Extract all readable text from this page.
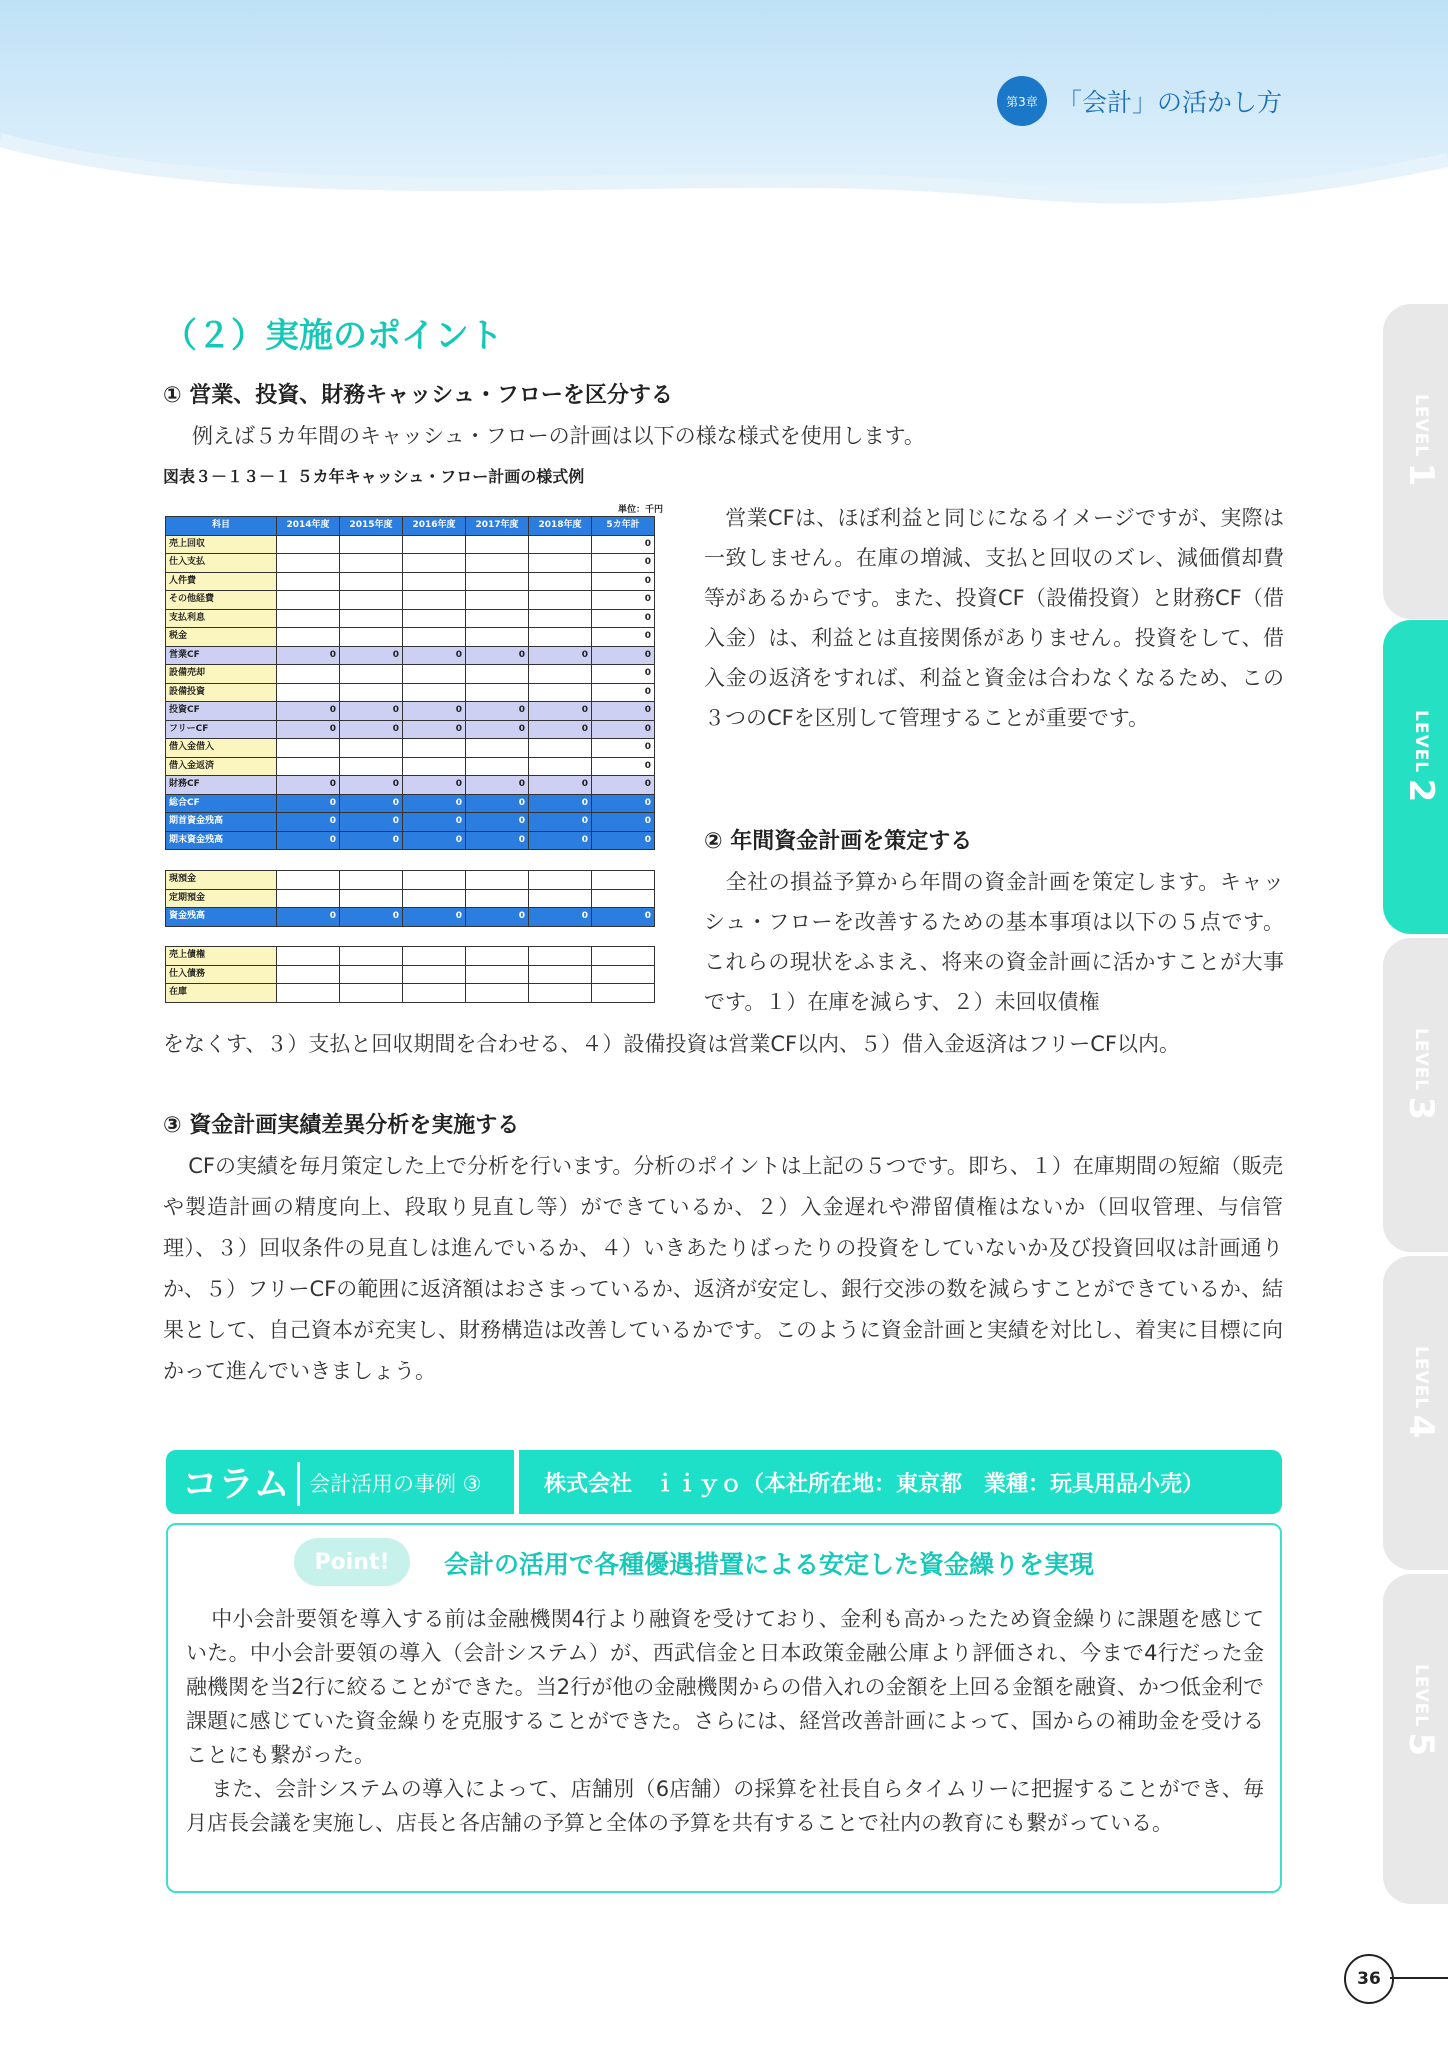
第3章 「会計」の活かし方
（２）実施のポイント
① 営業、投資、財務キャッシュ・フローを区分する
例えば５カ年間のキャッシュ・フローの計画は以下の様な様式を使用します。
図表３－１３－１ ５カ年キャッシュ・フロー計画の様式例
単位：千円
科目	2014年度	2015年度	2016年度	2017年度	2018年度	5カ年計
売上回収						0
仕入支払						0
人件費						0
その他経費						0
支払利息						0
税金						0
営業CF	0	0	0	0	0	0
設備売却						0
設備投資						0
投資CF	0	0	0	0	0	0
フリーCF	0	0	0	0	0	0
借入金借入						0
借入金返済						0
財務CF	0	0	0	0	0	0
総合CF	0	0	0	0	0	0
期首資金残高	0	0	0	0	0	0
期末資金残高	0	0	0	0	0	0
現預金						
定期預金						
資金残高	0	0	0	0	0	0
売上債権						
仕入債務						
在庫						
　営業CFは、ほぼ利益と同じになるイメージですが、実際は一致しません。在庫の増減、支払と回収のズレ、減価償却費等があるからです。また、投資CF（設備投資）と財務CF（借入金）は、利益とは直接関係がありません。投資をして、借入金の返済をすれば、利益と資金は合わなくなるため、この３つのCFを区別して管理することが重要です。
② 年間資金計画を策定する
　全社の損益予算から年間の資金計画を策定します。キャッシュ・フローを改善するための基本事項は以下の５点です。これらの現状をふまえ、将来の資金計画に活かすことが大事です。１）在庫を減らす、２）未回収債権
をなくす、３）支払と回収期間を合わせる、４）設備投資は営業CF以内、５）借入金返済はフリーCF以内。
③ 資金計画実績差異分析を実施する

CFの実績を毎月策定した上で分析を行います。分析のポイントは上記の５つです。即ち、１）在庫期間の短縮（販売や製造計画の精度向上、段取り見直し等）ができているか、２）入金遅れや滞留債権はないか（回収管理、与信管理）、３）回収条件の見直しは進んでいるか、４）いきあたりばったりの投資をしていないか及び投資回収は計画通りか、５）フリーCFの範囲に返済額はおさまっているか、返済が安定し、銀行交渉の数を減らすことができているか、結果として、自己資本が充実し、財務構造は改善しているかです。このように資金計画と実績を対比し、着実に目標に向かって進んでいきましょう。

コラム 会計活用の事例 ③	株式会社　ｉｉｙｏ（本社所在地：東京都　業種：玩具用品小売）
Point!	会計の活用で各種優遇措置による安定した資金繰りを実現

中小会計要領を導入する前は金融機関4行より融資を受けており、金利も高かったため資金繰りに課題を感じていた。中小会計要領の導入（会計システム）が、西武信金と日本政策金融公庫より評価され、今まで4行だった金融機関を当2行に絞ることができた。当2行が他の金融機関からの借入れの金額を上回る金額を融資、かつ低金利で課題に感じていた資金繰りを克服することができた。さらには、経営改善計画によって、国からの補助金を受けることにも繋がった。

また、会計システムの導入によって、店舗別（6店舗）の採算を社長自らタイムリーに把握することができ、毎月店長会議を実施し、店長と各店舗の予算と全体の予算を共有することで社内の教育にも繋がっている。

LEVEL 1
LEVEL 2
LEVEL 3
LEVEL 4
LEVEL 5
36
